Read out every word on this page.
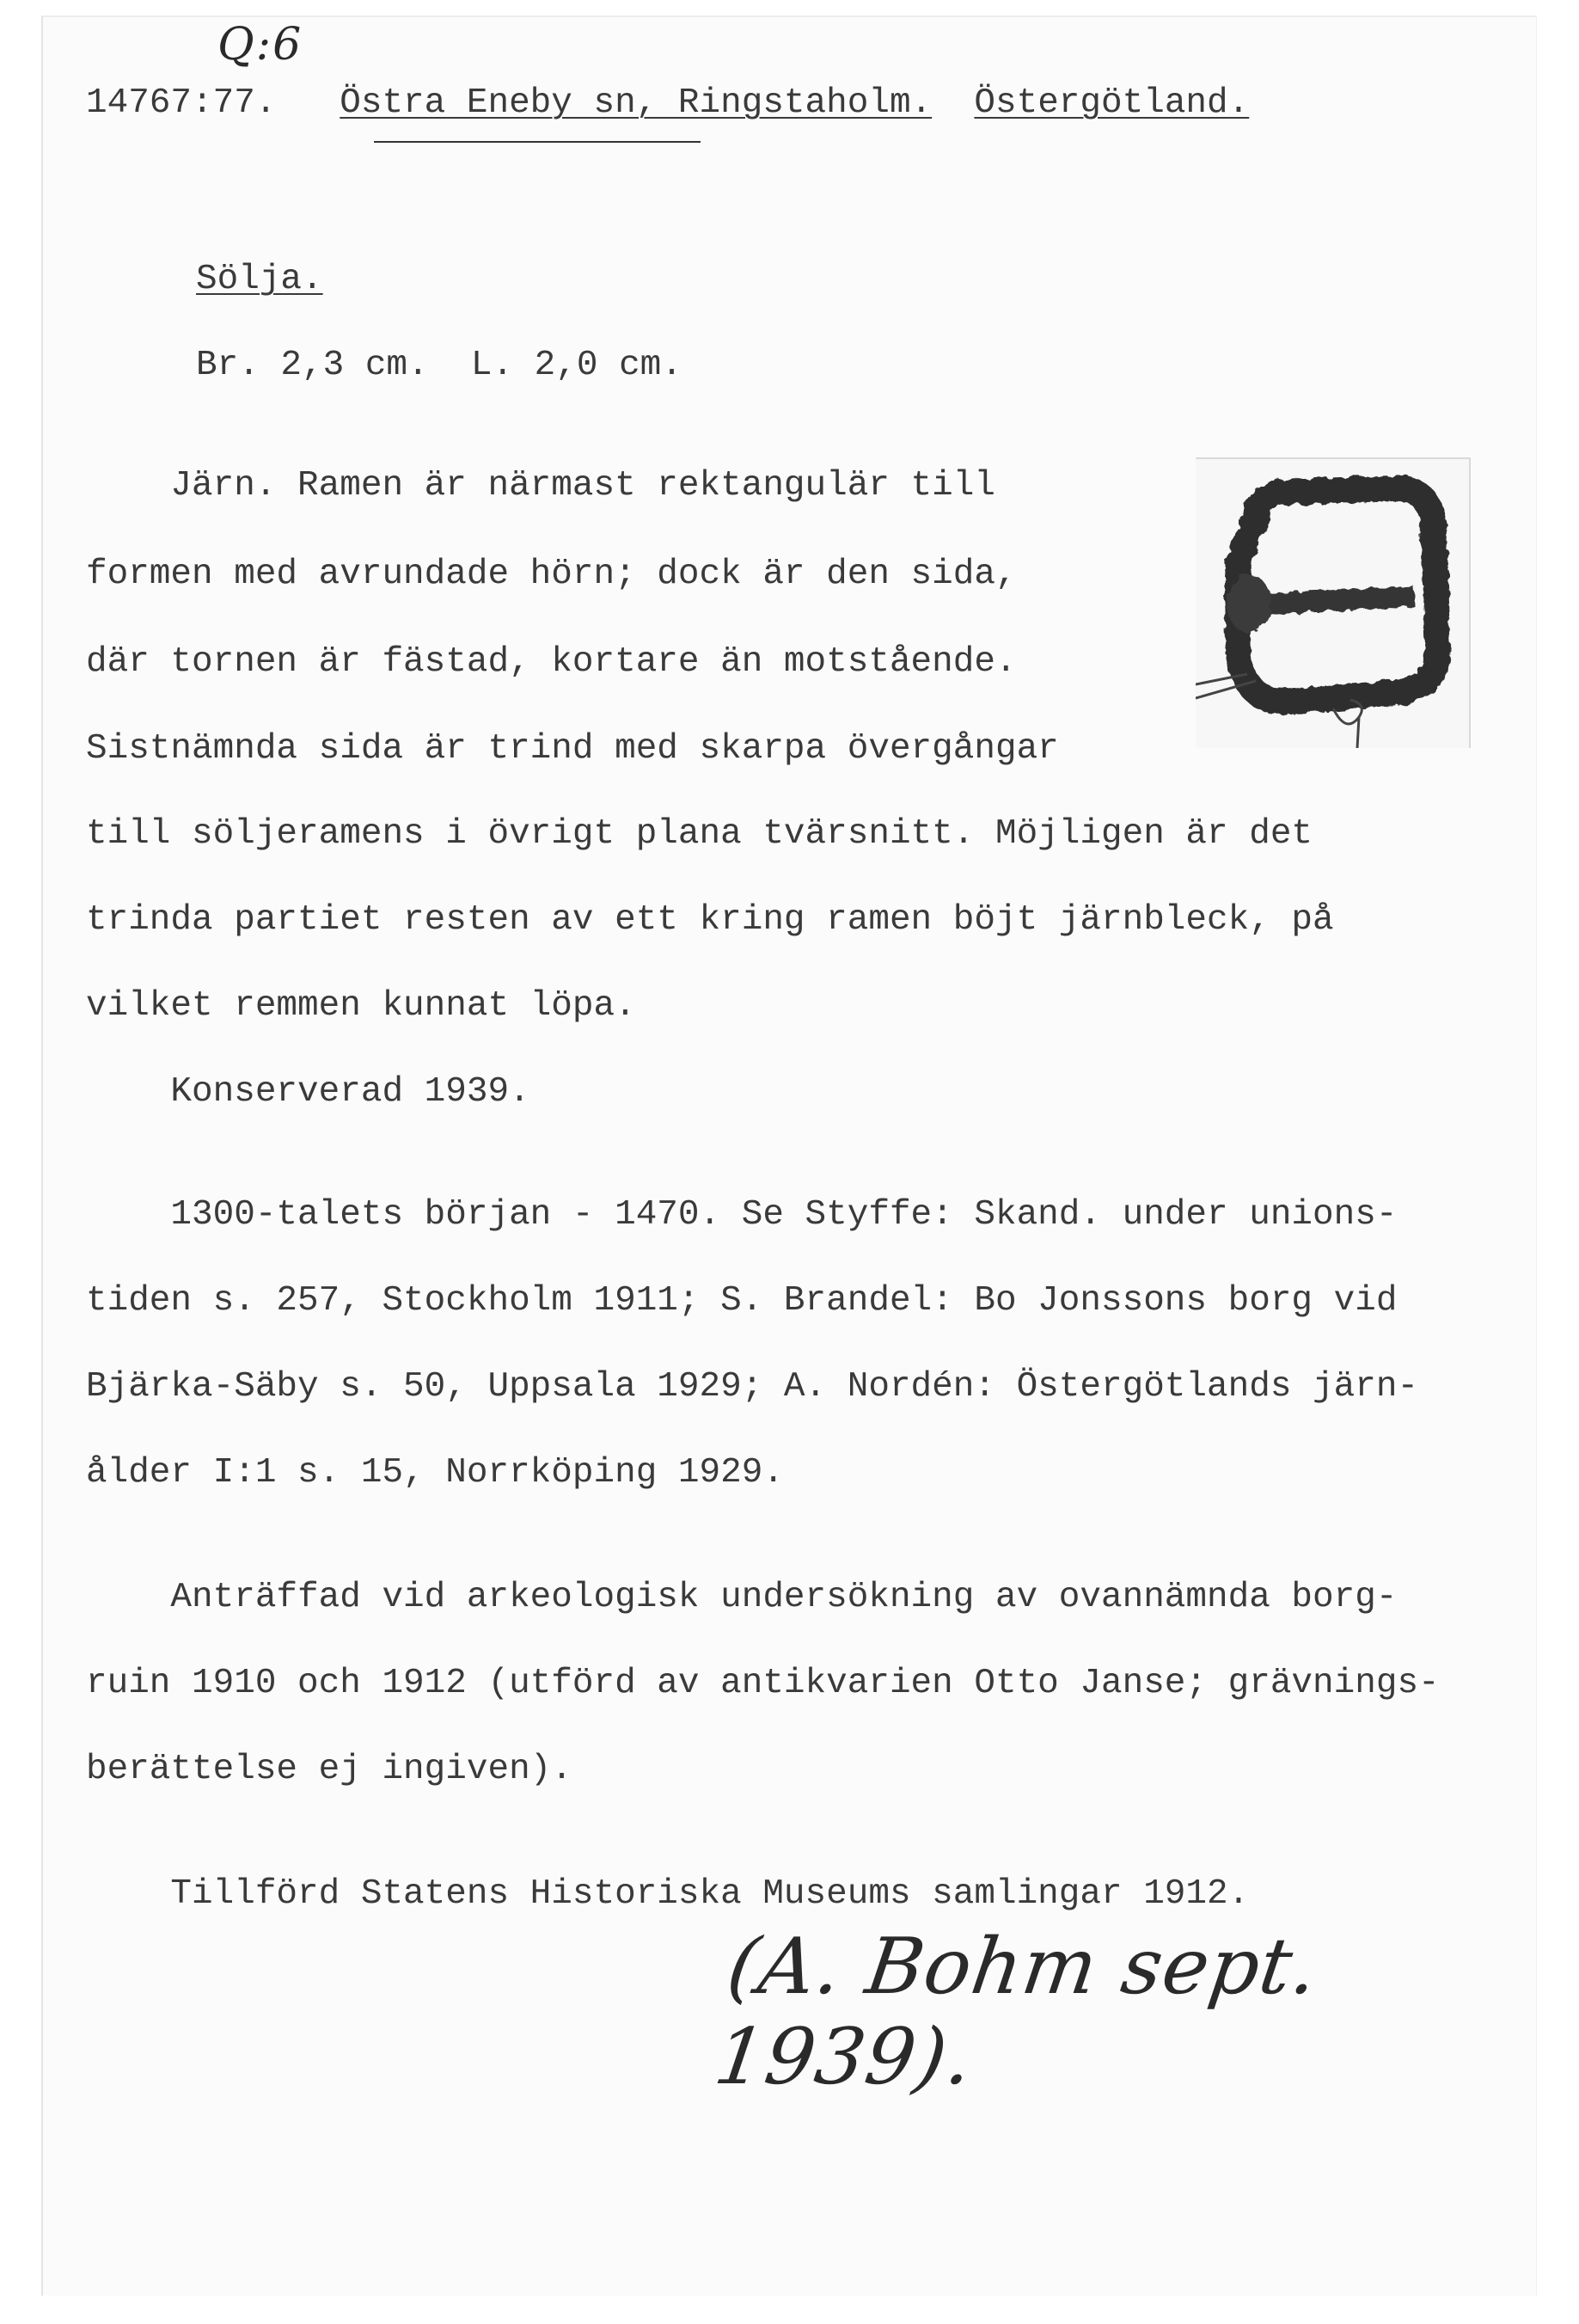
Q:6
14767:77. Östra Eneby sn, Ringstaholm. Östergötland.
Sölja.
Br. 2,3 cm.  L. 2,0 cm.
Järn. Ramen är närmast rektangulär till
formen med avrundade hörn; dock är den sida,
där tornen är fästad, kortare än motstående.
Sistnämnda sida är trind med skarpa övergångar
till söljeramens i övrigt plana tvärsnitt. Möjligen är det
trinda partiet resten av ett kring ramen böjt järnbleck, på
vilket remmen kunnat löpa.
Konserverad 1939.
1300-talets början - 1470. Se Styffe: Skand. under unions-
tiden s. 257, Stockholm 1911; S. Brandel: Bo Jonssons borg vid
Bjärka-Säby s. 50, Uppsala 1929; A. Nordén: Östergötlands järn-
ålder I:1 s. 15, Norrköping 1929.
Anträffad vid arkeologisk undersökning av ovannämnda borg-
ruin 1910 och 1912 (utförd av antikvarien Otto Janse; grävnings-
berättelse ej ingiven).
Tillförd Statens Historiska Museums samlingar 1912.
(A. Bohm sept. 1939).
